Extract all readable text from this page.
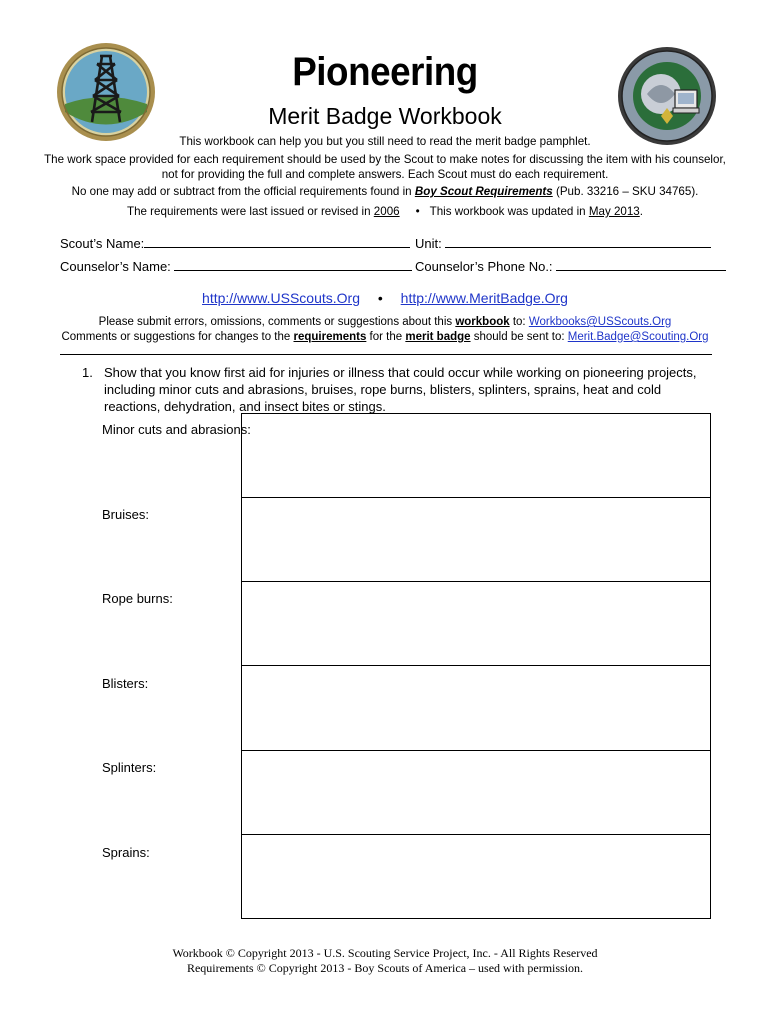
Pioneering
Merit Badge Workbook
This workbook can help you but you still need to read the merit badge pamphlet.
The work space provided for each requirement should be used by the Scout to make notes for discussing the item with his counselor, not for providing the full and complete answers. Each Scout must do each requirement.
No one may add or subtract from the official requirements found in Boy Scout Requirements (Pub. 33216 – SKU 34765).
The requirements were last issued or revised in 2006 • This workbook was updated in May 2013.
Scout’s Name:	Unit:
Counselor’s Name:	Counselor’s Phone No.:
http://www.USScouts.Org • http://www.MeritBadge.Org
Please submit errors, omissions, comments or suggestions about this workbook to: Workbooks@USScouts.Org
Comments or suggestions for changes to the requirements for the merit badge should be sent to: Merit.Badge@Scouting.Org
1. Show that you know first aid for injuries or illness that could occur while working on pioneering projects, including minor cuts and abrasions, bruises, rope burns, blisters, splinters, sprains, heat and cold reactions, dehydration, and insect bites or stings.
Minor cuts and abrasions:
Bruises:
Rope burns:
Blisters:
Splinters:
Sprains:
Workbook © Copyright 2013 - U.S. Scouting Service Project, Inc. - All Rights Reserved
Requirements © Copyright 2013 - Boy Scouts of America – used with permission.
